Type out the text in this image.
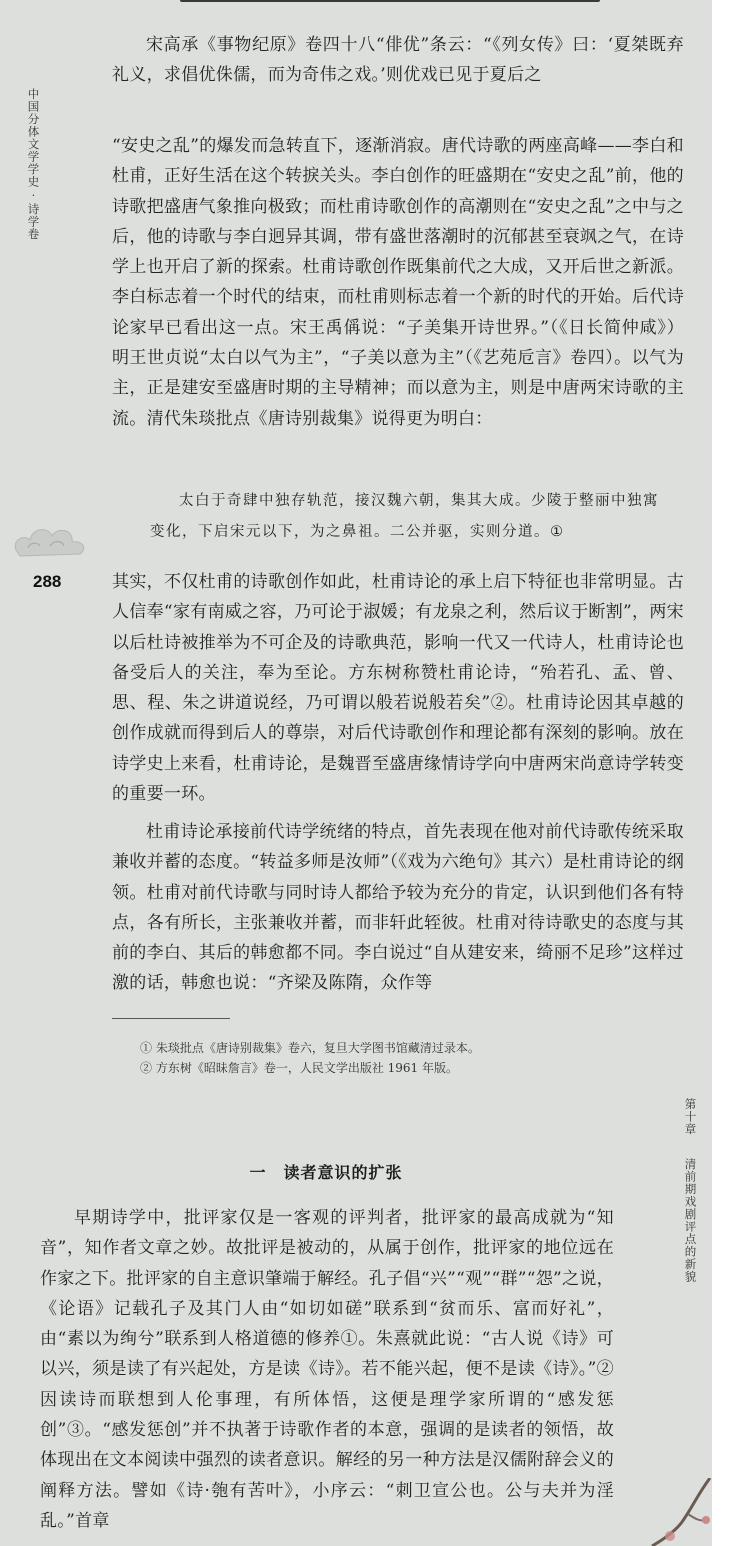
中国分体文学学史·诗学卷
288

宋高承《事物纪原》卷四十八“俳优”条云：“《列女传》曰：‘夏桀既弃礼义，求倡优侏儒，而为奇伟之戏。’则优戏已见于夏后之

“安史之乱”的爆发而急转直下，逐渐消寂。唐代诗歌的两座高峰——李白和杜甫，正好生活在这个转捩关头。李白创作的旺盛期在“安史之乱”前，他的诗歌把盛唐气象推向极致；而杜甫诗歌创作的高潮则在“安史之乱”之中与之后，他的诗歌与李白迥异其调，带有盛世落潮时的沉郁甚至衰飒之气，在诗学上也开启了新的探索。杜甫诗歌创作既集前代之大成，又开后世之新派。李白标志着一个时代的结束，而杜甫则标志着一个新的时代的开始。后代诗论家早已看出这一点。宋王禹偁说：“子美集开诗世界。”（《日长简仲咸》）明王世贞说“太白以气为主”，“子美以意为主”（《艺苑卮言》卷四）。以气为主，正是建安至盛唐时期的主导精神；而以意为主，则是中唐两宋诗歌的主流。清代朱琰批点《唐诗别裁集》说得更为明白：

太白于奇肆中独存轨范，接汉魏六朝，集其大成。少陵于整丽中独寓变化，下启宋元以下，为之鼻祖。二公并驱，实则分道。①

其实，不仅杜甫的诗歌创作如此，杜甫诗论的承上启下特征也非常明显。古人信奉“家有南威之容，乃可论于淑媛；有龙泉之利，然后议于断割”，两宋以后杜诗被推举为不可企及的诗歌典范，影响一代又一代诗人，杜甫诗论也备受后人的关注，奉为至论。方东树称赞杜甫论诗，“殆若孔、孟、曾、思、程、朱之讲道说经，乃可谓以般若说般若矣”②。杜甫诗论因其卓越的创作成就而得到后人的尊崇，对后代诗歌创作和理论都有深刻的影响。放在诗学史上来看，杜甫诗论，是魏晋至盛唐缘情诗学向中唐两宋尚意诗学转变的重要一环。

杜甫诗论承接前代诗学统绪的特点，首先表现在他对前代诗歌传统采取兼收并蓄的态度。“转益多师是汝师”（《戏为六绝句》其六）是杜甫诗论的纲领。杜甫对前代诗歌与同时诗人都给予较为充分的肯定，认识到他们各有特点，各有所长，主张兼收并蓄，而非轩此轾彼。杜甫对待诗歌史的态度与其前的李白、其后的韩愈都不同。李白说过“自从建安来，绮丽不足珍”这样过激的话，韩愈也说：“齐梁及陈隋，众作等

① 朱琰批点《唐诗别裁集》卷六，复旦大学图书馆藏清过录本。

② 方东树《昭昧詹言》卷一，人民文学出版社 1961 年版。

第十章
清前期戏剧评点的新貌
一　读者意识的扩张

早期诗学中，批评家仅是一客观的评判者，批评家的最高成就为“知音”，知作者文章之妙。故批评是被动的，从属于创作，批评家的地位远在作家之下。批评家的自主意识肇端于解经。孔子倡“兴”“观”“群”“怨”之说，《论语》记载孔子及其门人由“如切如磋”联系到“贫而乐、富而好礼”，由“素以为绚兮”联系到人格道德的修养①。朱熹就此说：“古人说《诗》可以兴，须是读了有兴起处，方是读《诗》。若不能兴起，便不是读《诗》。”② 因读诗而联想到人伦事理，有所体悟，这便是理学家所谓的“感发惩创”③。“感发惩创”并不执著于诗歌作者的本意，强调的是读者的领悟，故体现出在文本阅读中强烈的读者意识。解经的另一种方法是汉儒附辞会义的阐释方法。譬如《诗·匏有苦叶》，小序云：“刺卫宣公也。公与夫并为淫乱。”首章
